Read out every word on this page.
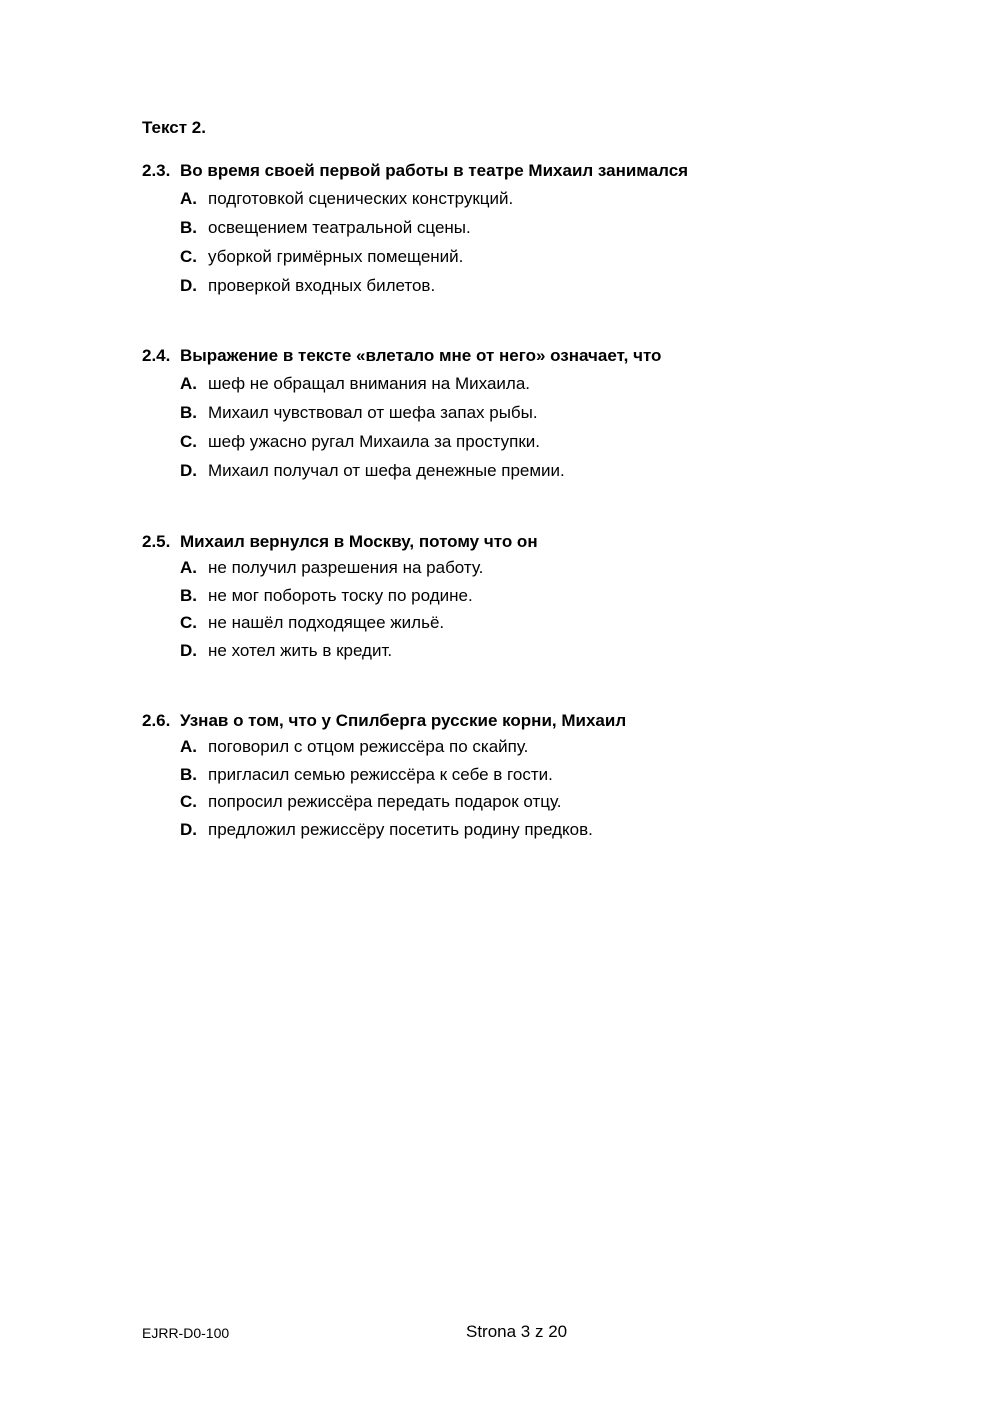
Текст 2.
2.3. Во время своей первой работы в театре Михаил занимался
A. подготовкой сценических конструкций.
B. освещением театральной сцены.
C. уборкой гримёрных помещений.
D. проверкой входных билетов.
2.4. Выражение в тексте «влетало мне от него» означает, что
A. шеф не обращал внимания на Михаила.
B. Михаил чувствовал от шефа запах рыбы.
C. шеф ужасно ругал Михаила за проступки.
D. Михаил получал от шефа денежные премии.
2.5. Михаил вернулся в Москву, потому что он
A. не получил разрешения на работу.
B. не мог побороть тоску по родине.
C. не нашёл подходящее жильё.
D. не хотел жить в кредит.
2.6. Узнав о том, что у Спилберга русские корни, Михаил
A. поговорил с отцом режиссёра по скайпу.
B. пригласил семью режиссёра к себе в гости.
C. попросил режиссёра передать подарок отцу.
D. предложил режиссёру посетить родину предков.
EJRR-D0-100	Strona 3 z 20
